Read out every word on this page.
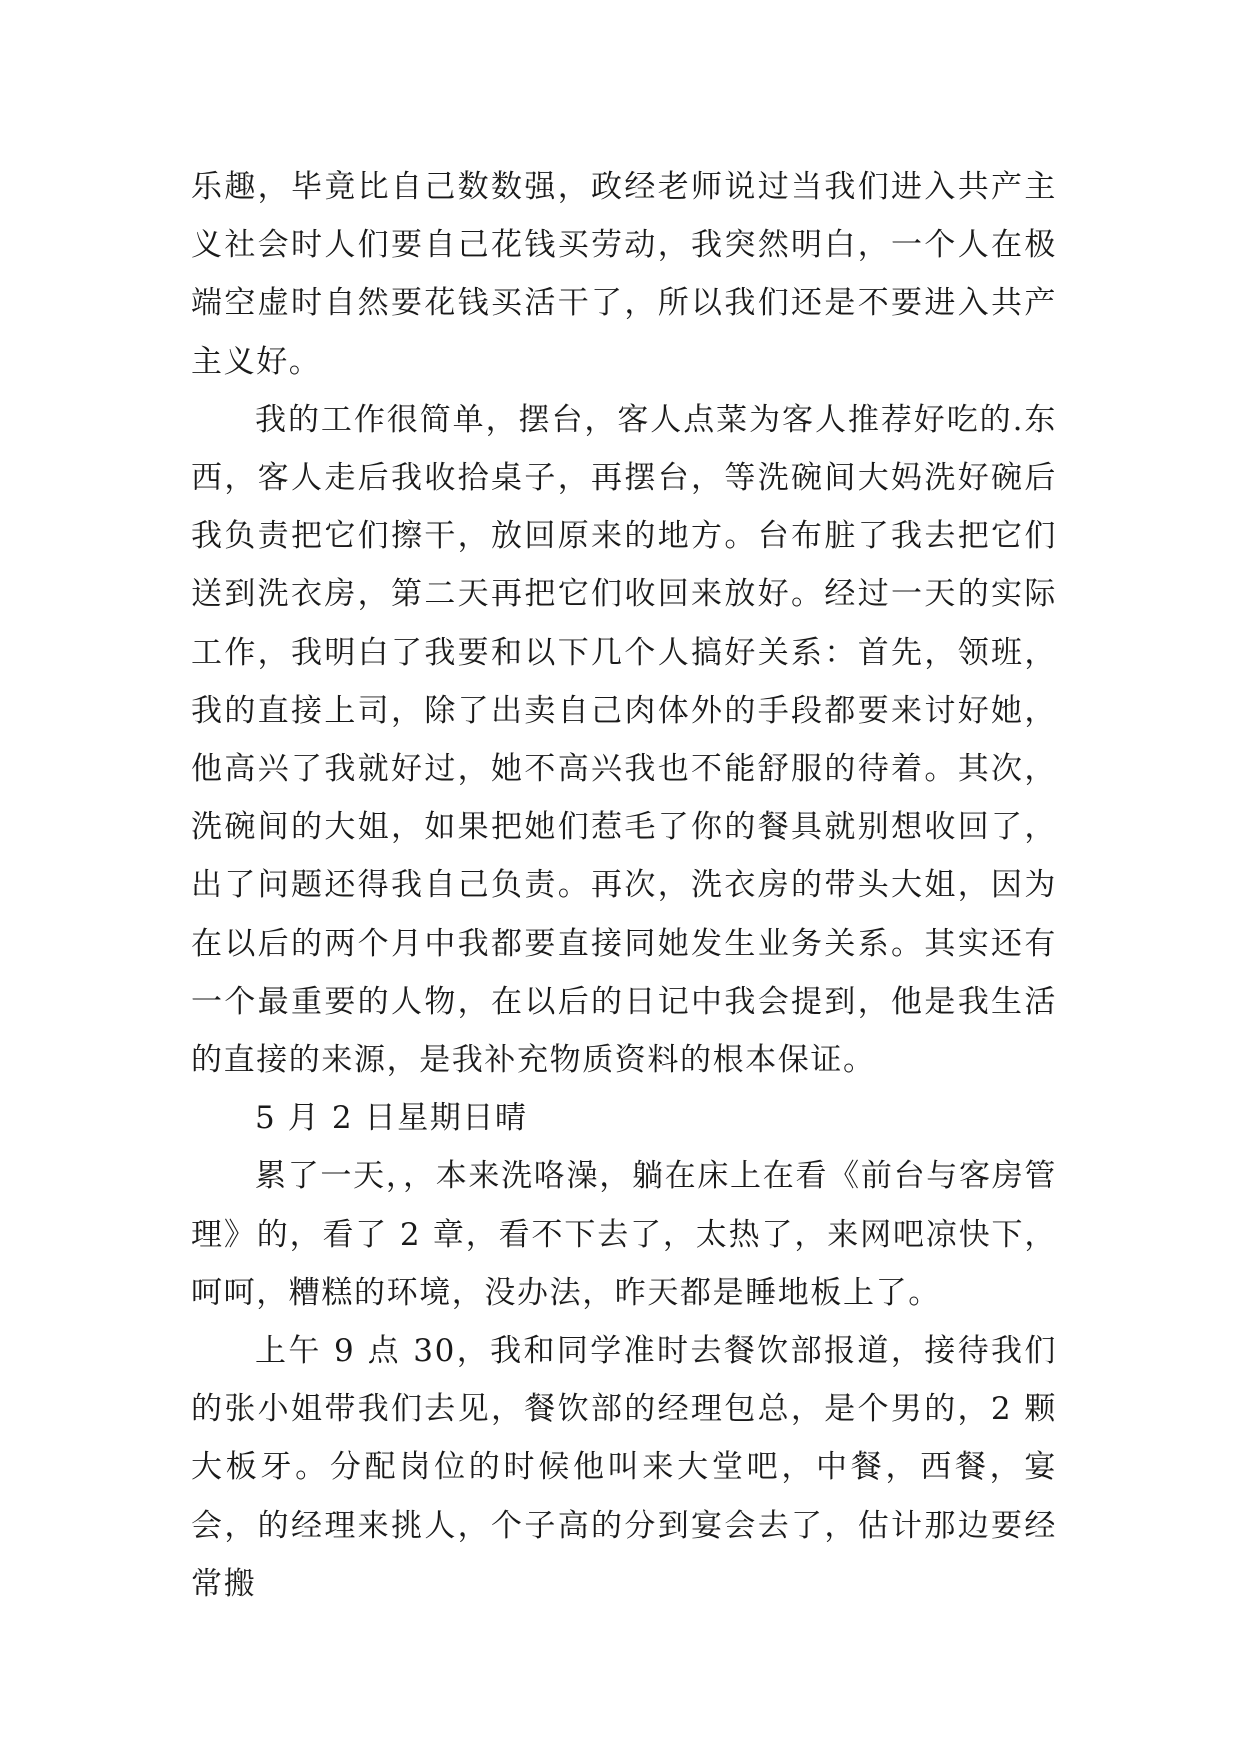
乐趣，毕竟比自己数数强，政经老师说过当我们进入共产主义社会时人们要自己花钱买劳动，我突然明白，一个人在极端空虚时自然要花钱买活干了，所以我们还是不要进入共产主义好。

我的工作很简单，摆台，客人点菜为客人推荐好吃的.东西，客人走后我收拾桌子，再摆台，等洗碗间大妈洗好碗后我负责把它们擦干，放回原来的地方。台布脏了我去把它们送到洗衣房，第二天再把它们收回来放好。经过一天的实际工作，我明白了我要和以下几个人搞好关系：首先，领班，我的直接上司，除了出卖自己肉体外的手段都要来讨好她，他高兴了我就好过，她不高兴我也不能舒服的待着。其次，洗碗间的大姐，如果把她们惹毛了你的餐具就别想收回了，出了问题还得我自己负责。再次，洗衣房的带头大姐，因为在以后的两个月中我都要直接同她发生业务关系。其实还有一个最重要的人物，在以后的日记中我会提到，他是我生活的直接的来源，是我补充物质资料的根本保证。

5 月 2 日星期日晴

累了一天，，本来洗咯澡，躺在床上在看《前台与客房管理》的，看了 2 章，看不下去了，太热了，来网吧凉快下，呵呵，糟糕的环境，没办法，昨天都是睡地板上了。

上午 9 点 30，我和同学准时去餐饮部报道，接待我们的张小姐带我们去见，餐饮部的经理包总，是个男的，2 颗大板牙。分配岗位的时候他叫来大堂吧，中餐，西餐，宴会，的经理来挑人，个子高的分到宴会去了，估计那边要经常搬
